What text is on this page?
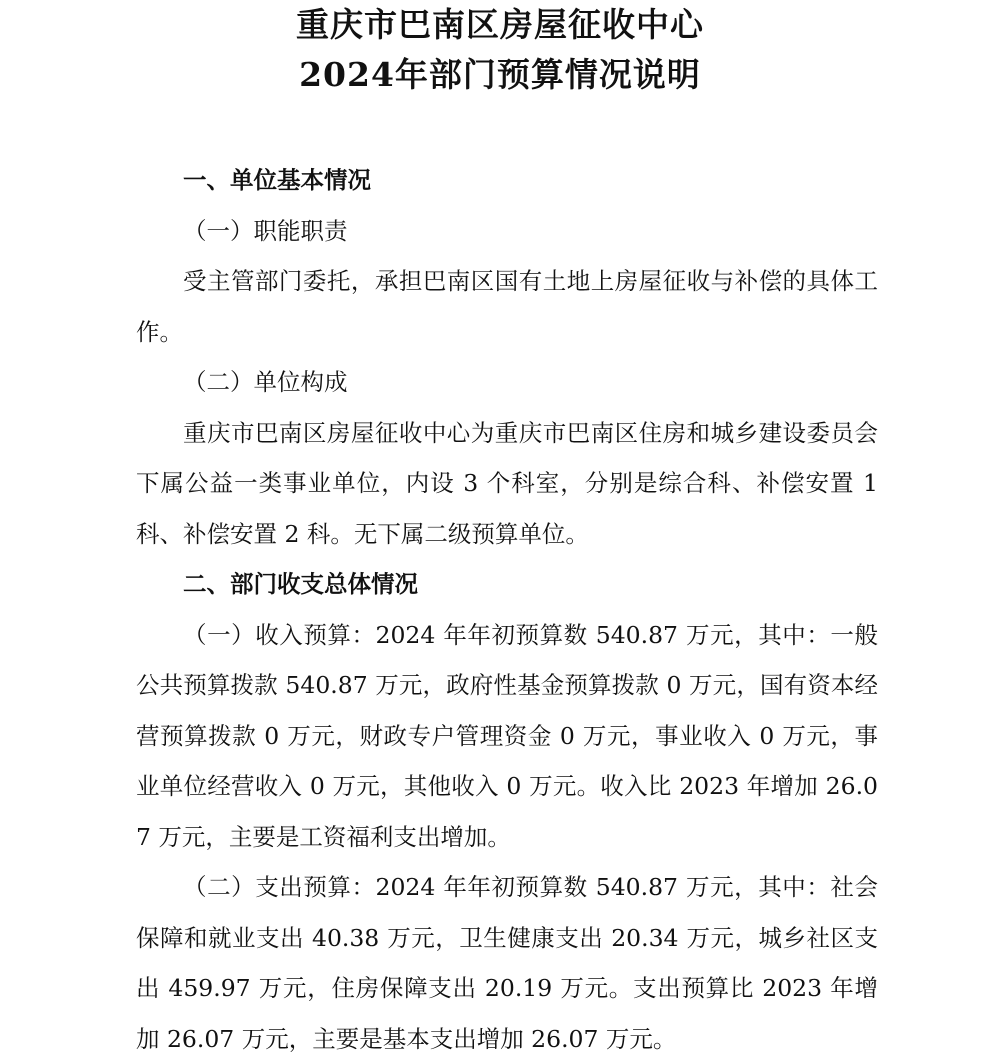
重庆市巴南区房屋征收中心
2024年部门预算情况说明

一、单位基本情况

（一）职能职责

受主管部门委托，承担巴南区国有土地上房屋征收与补偿的具体工作。

（二）单位构成

重庆市巴南区房屋征收中心为重庆市巴南区住房和城乡建设委员会下属公益一类事业单位，内设 3 个科室，分别是综合科、补偿安置 1 科、补偿安置 2 科。无下属二级预算单位。

二、部门收支总体情况

（一）收入预算：2024 年年初预算数 540.87 万元，其中：一般公共预算拨款 540.87 万元，政府性基金预算拨款 0 万元，国有资本经营预算拨款 0 万元，财政专户管理资金 0 万元，事业收入 0 万元，事业单位经营收入 0 万元，其他收入 0 万元。收入比 2023 年增加 26.07 万元，主要是工资福利支出增加。

（二）支出预算：2024 年年初预算数 540.87 万元，其中：社会保障和就业支出 40.38 万元，卫生健康支出 20.34 万元，城乡社区支出 459.97 万元，住房保障支出 20.19 万元。支出预算比 2023 年增加 26.07 万元，主要是基本支出增加 26.07 万元。
